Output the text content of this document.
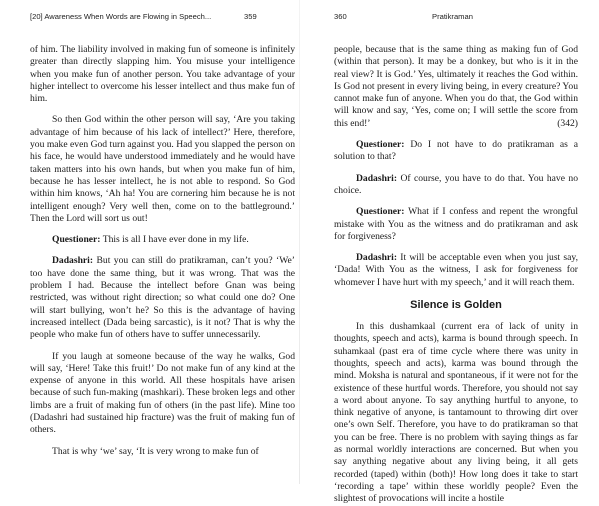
[20] Awareness When Words are Flowing in Speech...	359

of him. The liability involved in making fun of someone is infinitely greater than directly slapping him. You misuse your intelligence when you make fun of another person. You take advantage of your higher intellect to overcome his lesser intellect and thus make fun of him.

So then God within the other person will say, ‘Are you taking advantage of him because of his lack of intellect?’ Here, therefore, you make even God turn against you. Had you slapped the person on his face, he would have understood immediately and he would have taken matters into his own hands, but when you make fun of him, because he has lesser intellect, he is not able to respond. So God within him knows, ‘Ah ha! You are cornering him because he is not intelligent enough? Very well then, come on to the battleground.’ Then the Lord will sort us out!

Questioner: This is all I have ever done in my life.

Dadashri: But you can still do pratikraman, can’t you? ‘We’ too have done the same thing, but it was wrong. That was the problem I had. Because the intellect before Gnan was being restricted, was without right direction; so what could one do? One will start bullying, won’t he? So this is the advantage of having increased intellect (Dada being sarcastic), is it not? That is why the people who make fun of others have to suffer unnecessarily.

If you laugh at someone because of the way he walks, God will say, ‘Here! Take this fruit!’ Do not make fun of any kind at the expense of anyone in this world. All these hospitals have arisen because of such fun-making (mashkari). These broken legs and other limbs are a fruit of making fun of others (in the past life). Mine too (Dadashri had sustained hip fracture) was the fruit of making fun of others.

That is why ‘we’ say, ‘It is very wrong to make fun of

360	Pratikraman

people, because that is the same thing as making fun of God (within that person). It may be a donkey, but who is it in the real view? It is God.’ Yes, ultimately it reaches the God within. Is God not present in every living being, in every creature? You cannot make fun of anyone. When you do that, the God within will know and say, ‘Yes, come on; I will settle the score from this end!’	(342)

Questioner: Do I not have to do pratikraman as a solution to that?

Dadashri: Of course, you have to do that. You have no choice.

Questioner: What if I confess and repent the wrongful mistake with You as the witness and do pratikraman and ask for forgiveness?

Dadashri: It will be acceptable even when you just say, ‘Dada! With You as the witness, I ask for forgiveness for whomever I have hurt with my speech,’ and it will reach them.

Silence is Golden

In this dushamkaal (current era of lack of unity in thoughts, speech and acts), karma is bound through speech. In suhamkaal (past era of time cycle where there was unity in thoughts, speech and acts), karma was bound through the mind. Moksha is natural and spontaneous, if it were not for the existence of these hurtful words. Therefore, you should not say a word about anyone. To say anything hurtful to anyone, to think negative of anyone, is tantamount to throwing dirt over one’s own Self. Therefore, you have to do pratikraman so that you can be free. There is no problem with saying things as far as normal worldly interactions are concerned. But when you say anything negative about any living being, it all gets recorded (taped) within (both)! How long does it take to start ‘recording a tape’ within these worldly people? Even the slightest of provocations will incite a hostile
